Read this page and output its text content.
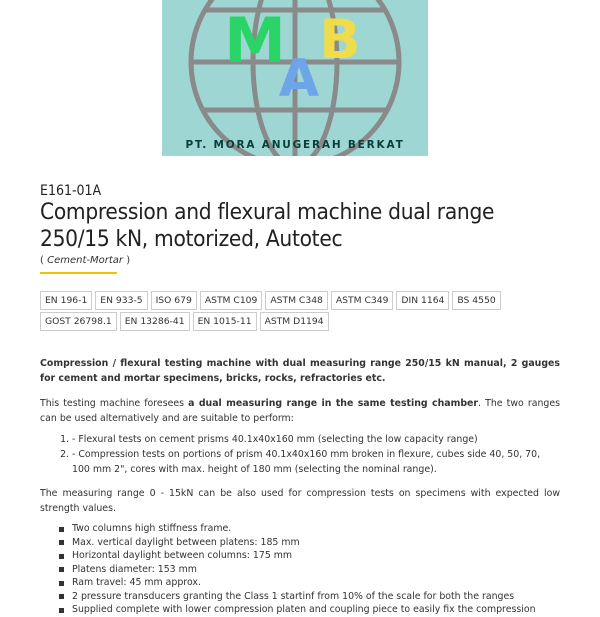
M
A
B
PT. MORA ANUGERAH BERKAT
E161-01A
Compression and flexural machine dual range 250/15 kN, motorized, Autotec
( Cement-Mortar )
EN 196-1	EN 933-5	ISO 679	ASTM C109	ASTM C348	ASTM C349	DIN 1164	BS 4550
GOST 26798.1	EN 13286-41	EN 1015-11	ASTM D1194

Compression / flexural testing machine with dual measuring range 250/15 kN manual, 2 gauges for cement and mortar specimens, bricks, rocks, refractories etc.

This testing machine foresees a dual measuring range in the same testing chamber. The two ranges can be used alternatively and are suitable to perform:

1. - Flexural tests on cement prisms 40.1x40x160 mm (selecting the low capacity range)
2. - Compression tests on portions of prism 40.1x40x160 mm broken in flexure, cubes side 40, 50, 70, 100 mm 2", cores with max. height of 180 mm (selecting the nominal range).

The measuring range 0 - 15kN can be also used for compression tests on specimens with expected low strength values.

Two columns high stiffness frame.
Max. vertical daylight between platens: 185 mm
Horizontal daylight between columns: 175 mm
Platens diameter: 153 mm
Ram travel: 45 mm approx.
2 pressure transducers granting the Class 1 startinf from 10% of the scale for both the ranges
Supplied complete with lower compression platen and coupling piece to easily fix the compression
